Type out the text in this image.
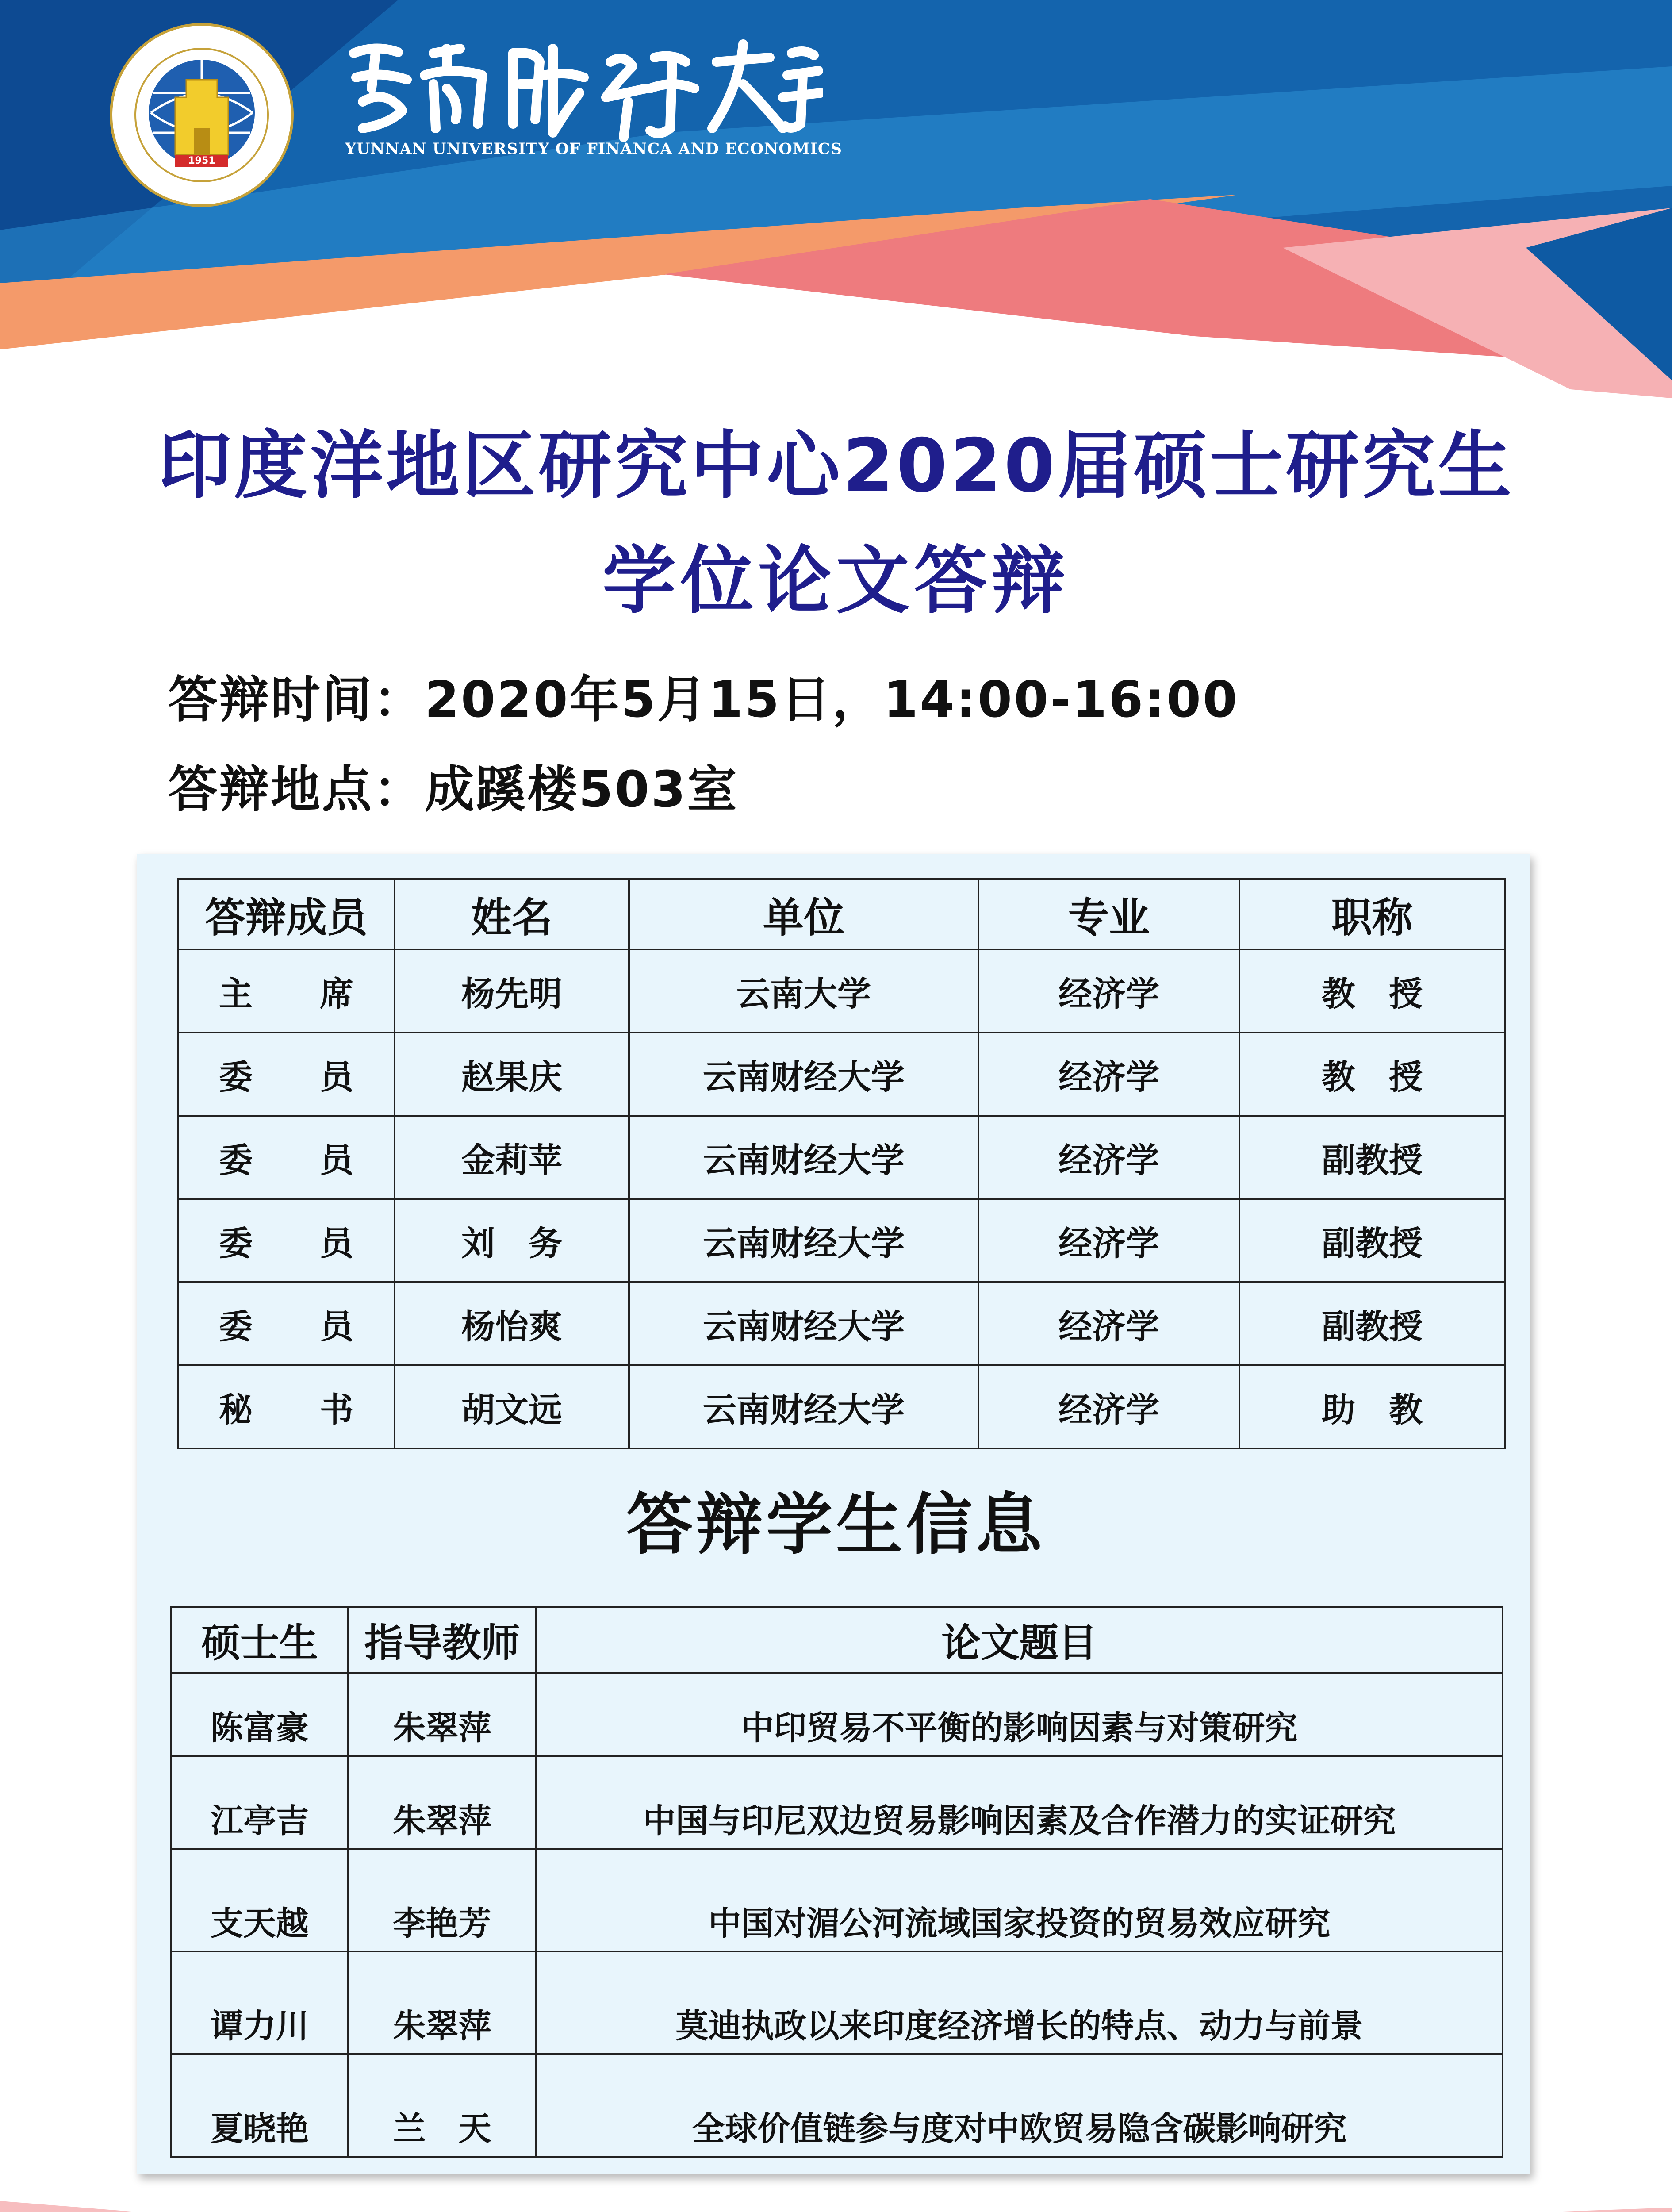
1951
YUNNAN UNIVERSITY OF FINANCA AND ECONOMICS
印度洋地区研究中心2020届硕士研究生
学位论文答辩
答辩时间：2020年5月15日，14:00-16:00
答辩地点：成蹊楼503室
答辩成员	姓名	单位	专业	职称
主　　席	杨先明	云南大学	经济学	教　授
委　　员	赵果庆	云南财经大学	经济学	教　授
委　　员	金莉苹	云南财经大学	经济学	副教授
委　　员	刘　务	云南财经大学	经济学	副教授
委　　员	杨怡爽	云南财经大学	经济学	副教授
秘　　书	胡文远	云南财经大学	经济学	助　教
答辩学生信息
硕士生	指导教师	论文题目
陈富豪	朱翠萍	中印贸易不平衡的影响因素与对策研究
江亭吉	朱翠萍	中国与印尼双边贸易影响因素及合作潜力的实证研究
支天越	李艳芳	中国对湄公河流域国家投资的贸易效应研究
谭力川	朱翠萍	莫迪执政以来印度经济增长的特点、动力与前景
夏晓艳	兰　天	全球价值链参与度对中欧贸易隐含碳影响研究
